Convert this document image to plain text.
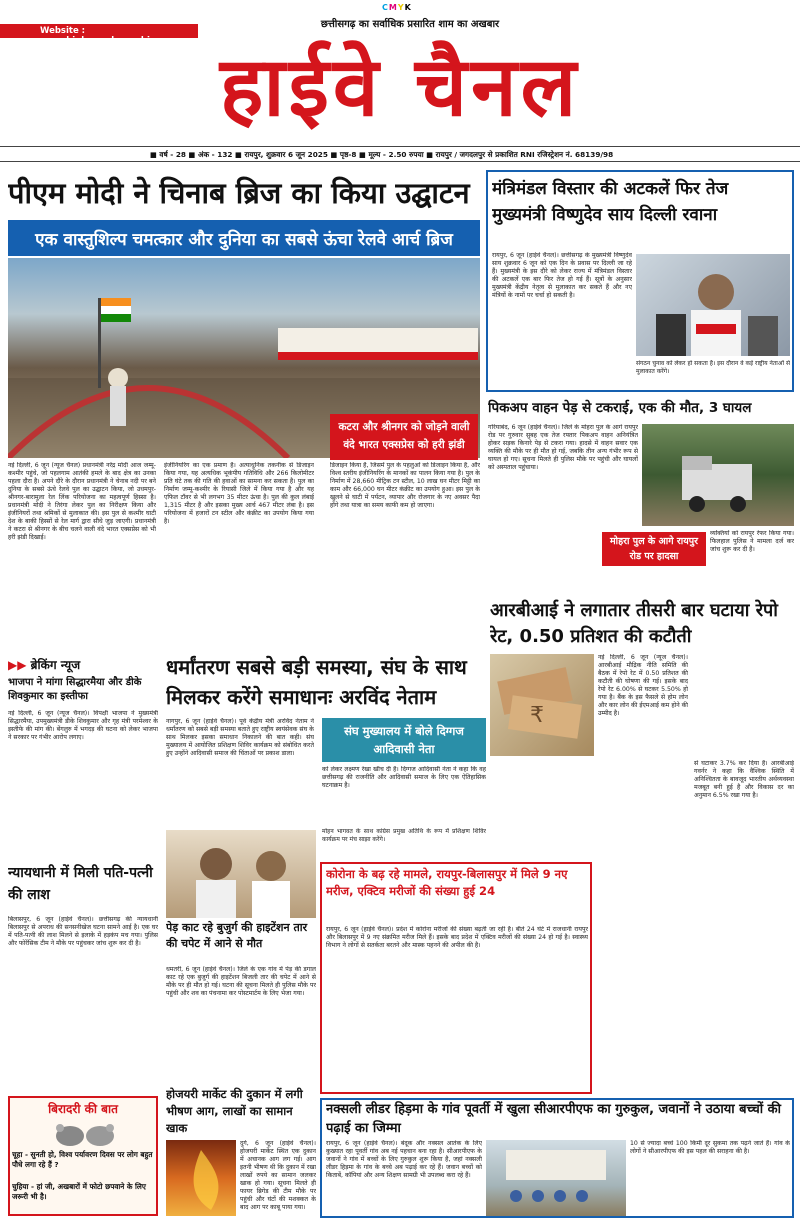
CMYK
छत्तीसगढ़ का सर्वाधिक प्रसारित शाम का अखबार
Website : www.highwaychannel.in हाईवे चैनल
■ वर्ष - 28 ■ अंक - 132 ■ रायपुर, शुक्रवार 6 जून 2025 ■ पृष्ठ-8 ■ मूल्य - 2.50 रुपया ■ रायपुर / जगदलपुर से प्रकाशित RNI रजिस्ट्रेशन नं. 68139/98
पीएम मोदी ने चिनाब ब्रिज का किया उद्घाटन
एक वास्तुशिल्प चमत्कार और दुनिया का सबसे ऊंचा रेलवे आर्च ब्रिज
कटरा और श्रीनगर को जोड़ने वाली वंदे भारत एक्सप्रेस को हरी झंडी
नई दिल्ली, 6 जून (न्यूज चैनल) प्रधानमंत्री नरेंद्र मोदी आज जम्मू-कश्मीर पहुंचे, जो पहलगाम आतंकी हमले के बाद क्षेत्र का उनका पहला दौरा है। अपने दौरे के दौरान प्रधानमंत्री ने चेनाब नदी पर बने दुनिया के सबसे ऊंचे रेलवे पुल का उद्घाटन किया, जो उधमपुर-श्रीनगर-बारामुला रेल लिंक परियोजना का महत्वपूर्ण हिस्सा है। प्रधानमंत्री मोदी ने तिरंगा लेकर पुल का निरीक्षण किया और इंजीनियरों तथा श्रमिकों से मुलाकात की। इस पुल से कश्मीर घाटी देश के बाकी हिस्सों से रेल मार्ग द्वारा सीधे जुड़ जाएगी। प्रधानमंत्री ने कटरा से श्रीनगर के बीच चलने वाली वंदे भारत एक्सप्रेस को भी हरी झंडी दिखाई।
इंजीनियरिंग का एक प्रमाण है। अत्याधुनिक तकनीक से डिजाइन किया गया, यह अत्यधिक भूकंपीय गतिविधि और 266 किलोमीटर प्रति घंटे तक की गति की हवाओं का सामना कर सकता है। पुल का निर्माण जम्मू-कश्मीर के रियासी जिले में किया गया है और यह एफिल टॉवर से भी लगभग 35 मीटर ऊंचा है। पुल की कुल लंबाई 1,315 मीटर है और इसका मुख्य आर्च 467 मीटर लंबा है। इस परियोजना में हजारों टन स्टील और कंक्रीट का उपयोग किया गया है।
डिजाइन किया है, जिसमें पुल के पहलुओं को डिजाइन किया है, और विश्व स्तरीय इंजीनियरिंग के मानकों का पालन किया गया है। पुल के निर्माण में 28,660 मीट्रिक टन स्टील, 10 लाख घन मीटर मिट्टी का काम और 66,000 घन मीटर कंक्रीट का उपयोग हुआ। इस पुल के खुलने से घाटी में पर्यटन, व्यापार और रोजगार के नए अवसर पैदा होंगे तथा यात्रा का समय काफी कम हो जाएगा।
मंत्रिमंडल विस्तार की अटकलें फिर तेज मुख्यमंत्री विष्णुदेव साय दिल्ली रवाना
रायपुर, 6 जून (हाईवे चैनल)। छत्तीसगढ़ के मुख्यमंत्री विष्णुदेव साय शुक्रवार 6 जून को एक दिन के प्रवास पर दिल्ली जा रहे हैं। मुख्यमंत्री के इस दौरे को लेकर राज्य में मंत्रिमंडल विस्तार की अटकलें एक बार फिर तेज हो गई हैं। सूत्रों के अनुसार मुख्यमंत्री केंद्रीय नेतृत्व से मुलाकात कर सकते हैं और नए मंत्रियों के नामों पर चर्चा हो सकती है।
संगठन चुनाव को लेकर हो सकता है। इस दौरान वे कई राष्ट्रीय नेताओं से मुलाकात करेंगे।
पिकअप वाहन पेड़ से टकराई, एक की मौत, 3 घायल
गरियाबंद, 6 जून (हाईवे चैनल)। जिले के मोहरा पुल के आगे रायपुर रोड पर गुरुवार सुबह एक तेज रफ्तार पिकअप वाहन अनियंत्रित होकर सड़क किनारे पेड़ से टकरा गया। हादसे में वाहन सवार एक व्यक्ति की मौके पर ही मौत हो गई, जबकि तीन अन्य गंभीर रूप से घायल हो गए। सूचना मिलते ही पुलिस मौके पर पहुंची और घायलों को अस्पताल पहुंचाया।
मोहरा पुल के आगे रायपुर रोड पर हादसा
व्यक्तियों को रायपुर रेफर किया गया। फिलहाल पुलिस ने मामला दर्ज कर जांच शुरू कर दी है।
▶▶ ब्रेकिंग न्यूज
भाजपा ने मांगा सिद्धारमैया और डीके शिवकुमार का इस्तीफा
नई दिल्ली, 6 जून (न्यूज चैनल)। विपक्षी भाजपा ने मुख्यमंत्री सिद्धारमैया, उपमुख्यमंत्री डीके शिवकुमार और गृह मंत्री परमेश्वर के इस्तीफे की मांग की। बेंगलुरु में भगदड़ की घटना को लेकर भाजपा ने सरकार पर गंभीर आरोप लगाए।
न्यायधानी में मिली पति-पत्नी की लाश
बिलासपुर, 6 जून (हाईवे चैनल)। छत्तीसगढ़ की न्यायधानी बिलासपुर से अपराध की सनसनीखेज घटना सामने आई है। एक घर में पति-पत्नी की लाश मिलने से इलाके में हड़कंप मच गया। पुलिस और फोरेंसिक टीम ने मौके पर पहुंचकर जांच शुरू कर दी है।
बिरादरी की बात
चूहा - सुनती हो, विश्व पर्यावरण दिवस पर लोग बहुत पौधे लगा रहे हैं ?
चुहिया - हां जी, अखबारों में फोटो छपवाने के लिए जरूरी भी है।
धर्मांतरण सबसे बड़ी समस्या, संघ के साथ मिलकर करेंगे समाधानः अरविंद नेताम
नागपुर, 6 जून (हाईवे चैनल)। पूर्व केंद्रीय मंत्री अरविंद नेताम ने धर्मांतरण को सबसे बड़ी समस्या बताते हुए राष्ट्रीय स्वयंसेवक संघ के साथ मिलकर इसका समाधान निकालने की बात कही। संघ मुख्यालय में आयोजित प्रशिक्षण शिविर कार्यक्रम को संबोधित करते हुए उन्होंने आदिवासी समाज की चिंताओं पर प्रकाश डाला।
संघ मुख्यालय में बोले दिग्गज आदिवासी नेता
को लेकर लक्ष्मण रेखा खींच दी है। दिग्गज आदिवासी नेता ने कहा कि वह छत्तीसगढ़ की राजनीति और आदिवासी समाज के लिए एक ऐतिहासिक घटनाक्रम है।
मोहन भागवत के साथ कांग्रेस प्रमुख अतिथि के रूप में प्रशिक्षण शिविर कार्यक्रम पर मंच साझा करेंगे।
आरबीआई ने लगातार तीसरी बार घटाया रेपो रेट, 0.50 प्रतिशत की कटौती
₹
नई दिल्ली, 6 जून (न्यूज चैनल)। आरबीआई मौद्रिक नीति समिति की बैठक में रेपो रेट में 0.50 प्रतिशत की कटौती की घोषणा की गई। इसके बाद रेपो रेट 6.00% से घटकर 5.50% हो गया है। बैंक के इस फैसले से होम लोन और कार लोन की ईएमआई कम होने की उम्मीद है।
से घटाकर 3.7% कर दिया है। आरबीआई गवर्नर ने कहा कि वैश्विक स्थिति में अनिश्चितता के बावजूद भारतीय अर्थव्यवस्था मजबूत बनी हुई है और विकास दर का अनुमान 6.5% रखा गया है।
पेड़ काट रहे बुजुर्ग की हाइटेंशन तार की चपेट में आने से मौत
धमतरी, 6 जून (हाईवे चैनल)। जिले के एक गांव में पेड़ की डगाल काट रहे एक बुजुर्ग की हाइटेंशन बिजली तार की चपेट में आने से मौके पर ही मौत हो गई। घटना की सूचना मिलते ही पुलिस मौके पर पहुंची और शव का पंचनामा कर पोस्टमार्टम के लिए भेजा गया।
कोरोना के बढ़ रहे मामले, रायपुर-बिलासपुर में मिले 9 नए मरीज, एक्टिव मरीजों की संख्या हुई 24
रायपुर, 6 जून (हाईवे चैनल)। प्रदेश में कोरोना मरीजों की संख्या बढ़ती जा रही है। बीते 24 घंटे में राजधानी रायपुर और बिलासपुर में 9 नए संक्रमित मरीज मिले हैं। इसके बाद प्रदेश में एक्टिव मरीजों की संख्या 24 हो गई है। स्वास्थ्य विभाग ने लोगों से सतर्कता बरतने और मास्क पहनने की अपील की है।
होजयरी मार्केट की दुकान में लगी भीषण आग, लाखों का सामान खाक
दुर्ग, 6 जून (हाईवे चैनल)। होजयरी मार्केट स्थित एक दुकान में अचानक आग लग गई। आग इतनी भीषण थी कि दुकान में रखा लाखों रुपये का सामान जलकर खाक हो गया। सूचना मिलते ही फायर ब्रिगेड की टीम मौके पर पहुंची और घंटों की मशक्कत के बाद आग पर काबू पाया गया।
नक्सली लीडर हिड़मा के गांव पूवर्ती में खुला सीआरपीएफ का गुरुकुल, जवानों ने उठाया बच्चों की पढ़ाई का जिम्मा
रायपुर, 6 जून (हाईवे चैनल)। बंदूक और नक्सल आतंक के लिए कुख्यात रहा पूवर्ती गांव अब नई पहचान बना रहा है। सीआरपीएफ के जवानों ने गांव में बच्चों के लिए गुरुकुल शुरू किया है, जहां नक्सली लीडर हिड़मा के गांव के बच्चे अब पढ़ाई कर रहे हैं। जवान बच्चों को किताबें, कॉपियां और अन्य शिक्षण सामग्री भी उपलब्ध करा रहे हैं।
10 से ज्यादा बच्चे 100 किमी दूर सुकमा तक पढ़ने जाते हैं। गांव के लोगों ने सीआरपीएफ की इस पहल की सराहना की है।
